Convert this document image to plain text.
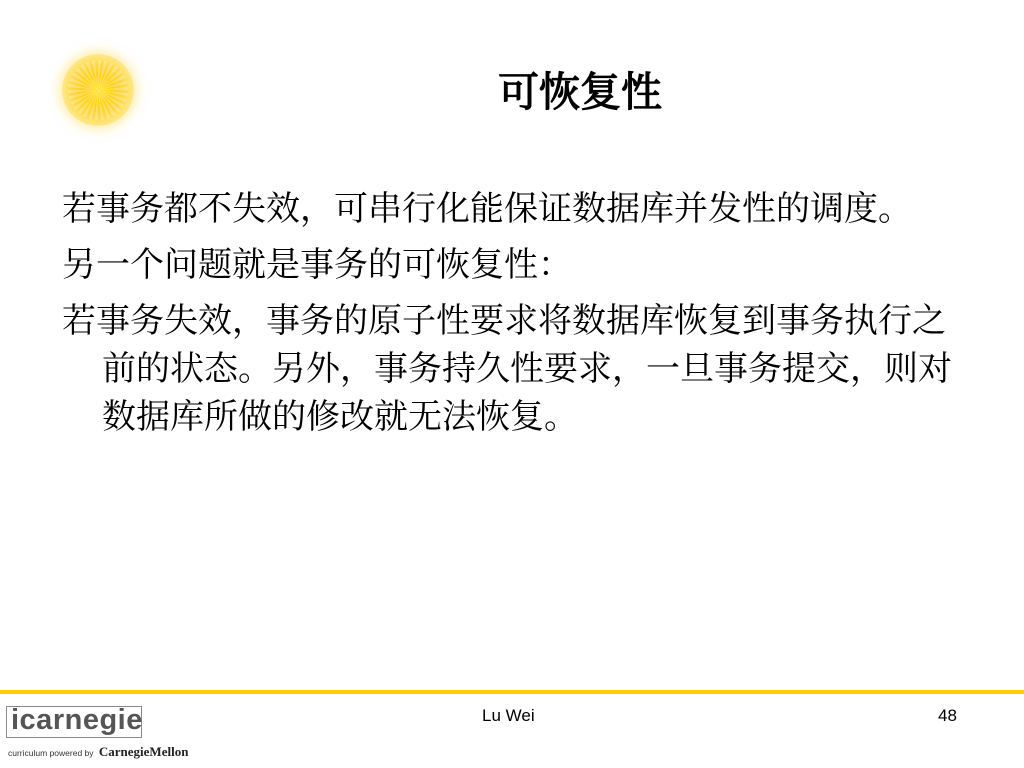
可恢复性

若事务都不失效，可串行化能保证数据库并发性的调度。

另一个问题就是事务的可恢复性：

若事务失效，事务的原子性要求将数据库恢复到事务执行之前的状态。另外，事务持久性要求，一旦事务提交，则对数据库所做的修改就无法恢复。

icarnegie
curriculum powered by CarnegieMellon
Lu Wei	48
